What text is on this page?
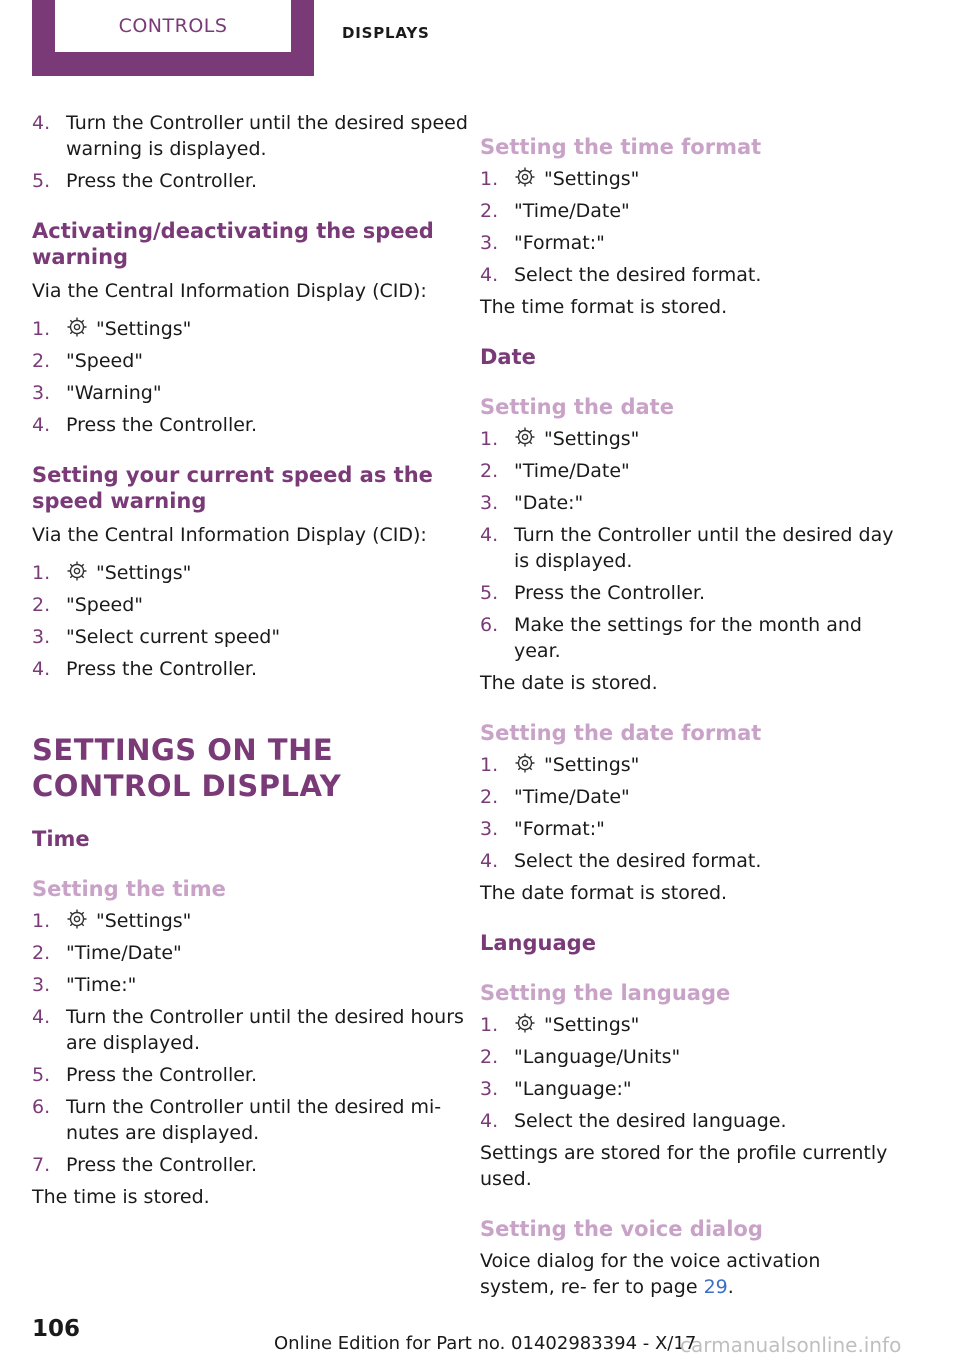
CONTROLS	DISPLAYS
4. Turn the Controller until the desired speed warning is displayed.
5. Press the Controller.
Activating/deactivating the speed warning

Via the Central Information Display (CID):

1. "Settings"
2. "Speed"
3. "Warning"
4. Press the Controller.
Setting your current speed as the speed warning

Via the Central Information Display (CID):

1. "Settings"
2. "Speed"
3. "Select current speed"
4. Press the Controller.
SETTINGS ON THE CONTROL DISPLAY
Time
Setting the time
1. "Settings"
2. "Time/Date"
3. "Time:"
4. Turn the Controller until the desired hours are displayed.
5. Press the Controller.
6. Turn the Controller until the desired mi‐ nutes are displayed.
7. Press the Controller.

The time is stored.

Setting the time format
1. "Settings"
2. "Time/Date"
3. "Format:"
4. Select the desired format.

The time format is stored.

Date
Setting the date
1. "Settings"
2. "Time/Date"
3. "Date:"
4. Turn the Controller until the desired day is displayed.
5. Press the Controller.
6. Make the settings for the month and year.

The date is stored.

Setting the date format
1. "Settings"
2. "Time/Date"
3. "Format:"
4. Select the desired format.

The date format is stored.

Language
Setting the language
1. "Settings"
2. "Language/Units"
3. "Language:"
4. Select the desired language.

Settings are stored for the profile currently used.

Setting the voice dialog

Voice dialog for the voice activation system, re‐ fer to page 29.

106
Online Edition for Part no. 01402983394 - X/17
carmanualsonline.info
